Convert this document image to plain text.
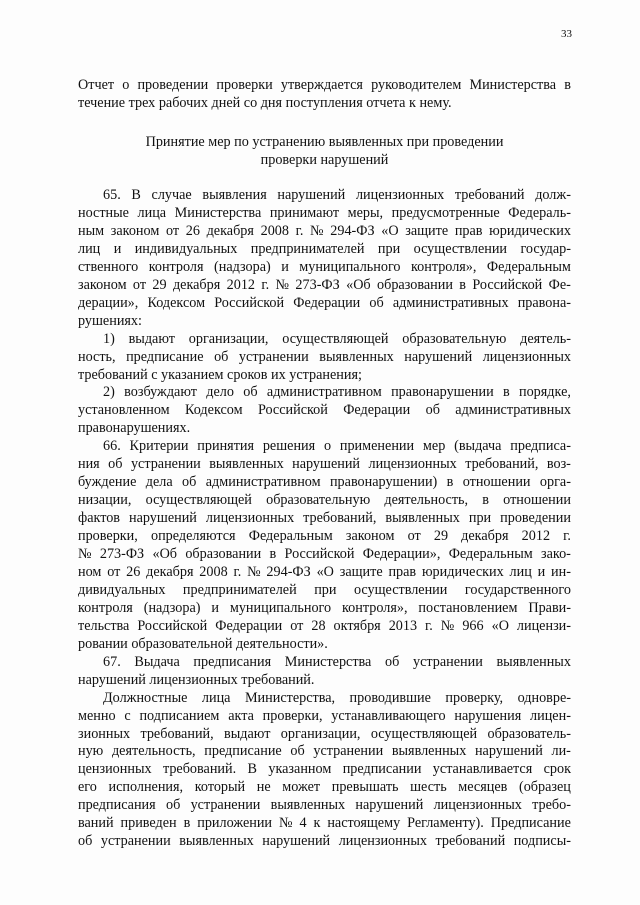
33
Отчет о проведении проверки утверждается руководителем Министерства в
течение трех рабочих дней со дня поступления отчета к нему.
Принятие мер по устранению выявленных при проведении
проверки нарушений
65. В случае выявления нарушений лицензионных требований долж-
ностные лица Министерства принимают меры, предусмотренные Федераль-
ным законом от 26 декабря 2008 г. № 294-ФЗ «О защите прав юридических
лиц и индивидуальных предпринимателей при осуществлении государ-
ственного контроля (надзора) и муниципального контроля», Федеральным
законом от 29 декабря 2012 г. № 273-ФЗ «Об образовании в Российской Фе-
дерации», Кодексом Российской Федерации об административных правона-
рушениях:
1) выдают организации, осуществляющей образовательную деятель-
ность, предписание об устранении выявленных нарушений лицензионных
требований с указанием сроков их устранения;
2) возбуждают дело об административном правонарушении в порядке,
установленном Кодексом Российской Федерации об административных
правонарушениях.
66. Критерии принятия решения о применении мер (выдача предписа-
ния об устранении выявленных нарушений лицензионных требований, воз-
буждение дела об административном правонарушении) в отношении орга-
низации, осуществляющей образовательную деятельность, в отношении
фактов нарушений лицензионных требований, выявленных при проведении
проверки, определяются Федеральным законом от 29 декабря 2012 г.
№ 273-ФЗ «Об образовании в Российской Федерации», Федеральным зако-
ном от 26 декабря 2008 г. № 294-ФЗ «О защите прав юридических лиц и ин-
дивидуальных предпринимателей при осуществлении государственного
контроля (надзора) и муниципального контроля», постановлением Прави-
тельства Российской Федерации от 28 октября 2013 г. № 966 «О лицензи-
ровании образовательной деятельности».
67. Выдача предписания Министерства об устранении выявленных
нарушений лицензионных требований.
Должностные лица Министерства, проводившие проверку, одновре-
менно с подписанием акта проверки, устанавливающего нарушения лицен-
зионных требований, выдают организации, осуществляющей образователь-
ную деятельность, предписание об устранении выявленных нарушений ли-
цензионных требований. В указанном предписании устанавливается срок
его исполнения, который не может превышать шесть месяцев (образец
предписания об устранении выявленных нарушений лицензионных требо-
ваний приведен в приложении № 4 к настоящему Регламенту). Предписание
об устранении выявленных нарушений лицензионных требований подписы-
